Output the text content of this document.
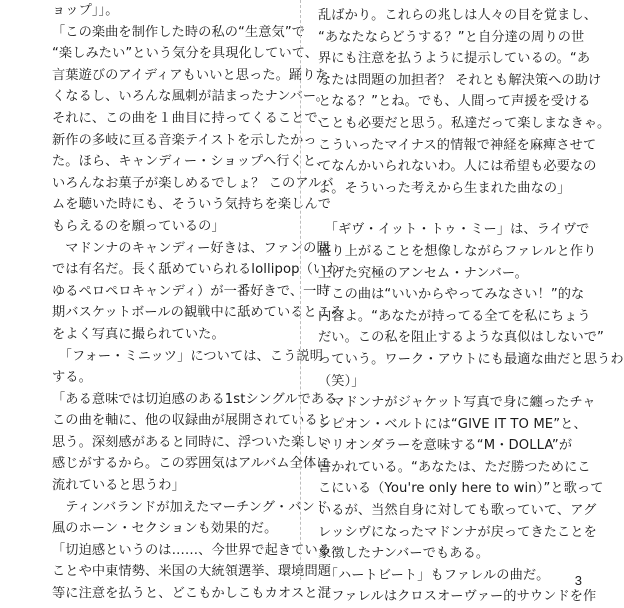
ョップ」」。
「この楽曲を制作した時の私の“生意気”で
“楽しみたい”という気分を具現化していて、
言葉遊びのアイディアもいいと思った。踊りた
くなるし、いろんな風刺が詰まったナンバー。
それに、この曲を１曲目に持ってくることで、
新作の多岐に亘る音楽テイストを示したかっ
た。ほら、キャンディー・ショップへ行くと、
いろんなお菓子が楽しめるでしょ？ このアルバ
ムを聴いた時にも、そういう気持ちを楽しんで
もらえるのを願っているの」
　マドンナのキャンディー好きは、ファンの間
では有名だ。長く舐めていられるlollipop（いわ
ゆるペロペロキャンディ）が一番好きで、一時
期バスケットボールの観戦中に舐めているところ
をよく写真に撮られていた。
　「フォー・ミニッツ」については、こう説明
する。
「ある意味では切迫感のある1stシングルである
この曲を軸に、他の収録曲が展開されていると
思う。深刻感があると同時に、浮ついた楽しい
感じがするから。この雰囲気はアルバム全体に
流れていると思うわ」
　ティンバランドが加えたマーチング・バンド
風のホーン・セクションも効果的だ。
「切迫感というのは……、今世界で起きている
ことや中東情勢、米国の大統領選挙、環境問題
等に注意を払うと、どこもかしこもカオスと混
乱ばかり。これらの兆しは人々の目を覚まし、
“あなたならどうする？”と自分達の周りの世
界にも注意を払うように提示しているの。“あ
なたは問題の加担者？ それとも解決策への助け
となる？”とね。でも、人間って声援を受ける
ことも必要だと思う。私達だって楽しまなきゃ。
こういったマイナス的情報で神経を麻痺させて
てなんかいられないわ。人には希望も必要なの
よ。そういった考えから生まれた曲なの」
　「ギヴ・イット・トゥ・ミー」は、ライヴで
盛り上がることを想像しながらファレルと作り
上げた究極のアンセム・ナンバー。
「この曲は“いいからやってみなさい！”的な
内容よ。“あなたが持ってる全てを私にちょう
だい。この私を阻止するような真似はしないで”
っていう。ワーク・アウトにも最適な曲だと思うわ
（笑）」
　マドンナがジャケット写真で身に纏ったチャ
ンピオン・ベルトには“GIVE IT TO ME”と、
ミリオンダラーを意味する“M・DOLLA”が
書かれている。“あなたは、ただ勝つためにこ
こにいる（You're only here to win）”と歌って
いるが、当然自身に対しても歌っていて、アグ
レッシヴになったマドンナが戻ってきたことを
象徴したナンバーでもある。
　「ハートビート」もファレルの曲だ。
「ファレルはクロスオーヴァー的サウンドを作
3
